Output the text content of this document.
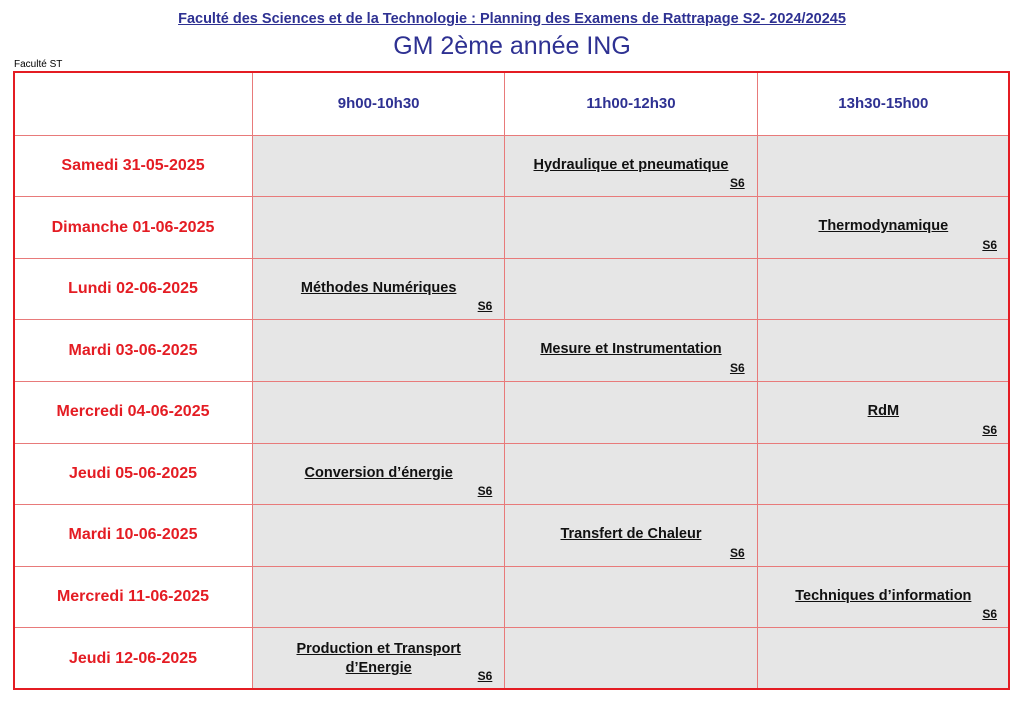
Faculté des Sciences et de la Technologie : Planning des Examens de Rattrapage S2- 2024/20245
GM 2ème année ING
Faculté ST
	9h00-10h30	11h00-12h30	13h30-15h00
Samedi 31-05-2025		Hydraulique et pneumatique
S6	

Dimanche 01-06-2025			Thermodynamique
S6

Lundi 02-06-2025	Méthodes Numériques
S6		

Mardi 03-06-2025		Mesure et Instrumentation
S6	

Mercredi 04-06-2025			RdM
S6

Jeudi 05-06-2025	Conversion d’énergie
S6		

Mardi 10-06-2025		Transfert de Chaleur
S6	

Mercredi 11-06-2025			Techniques d’information
S6

Jeudi 12-06-2025	Production et Transport d’Energie S6		
